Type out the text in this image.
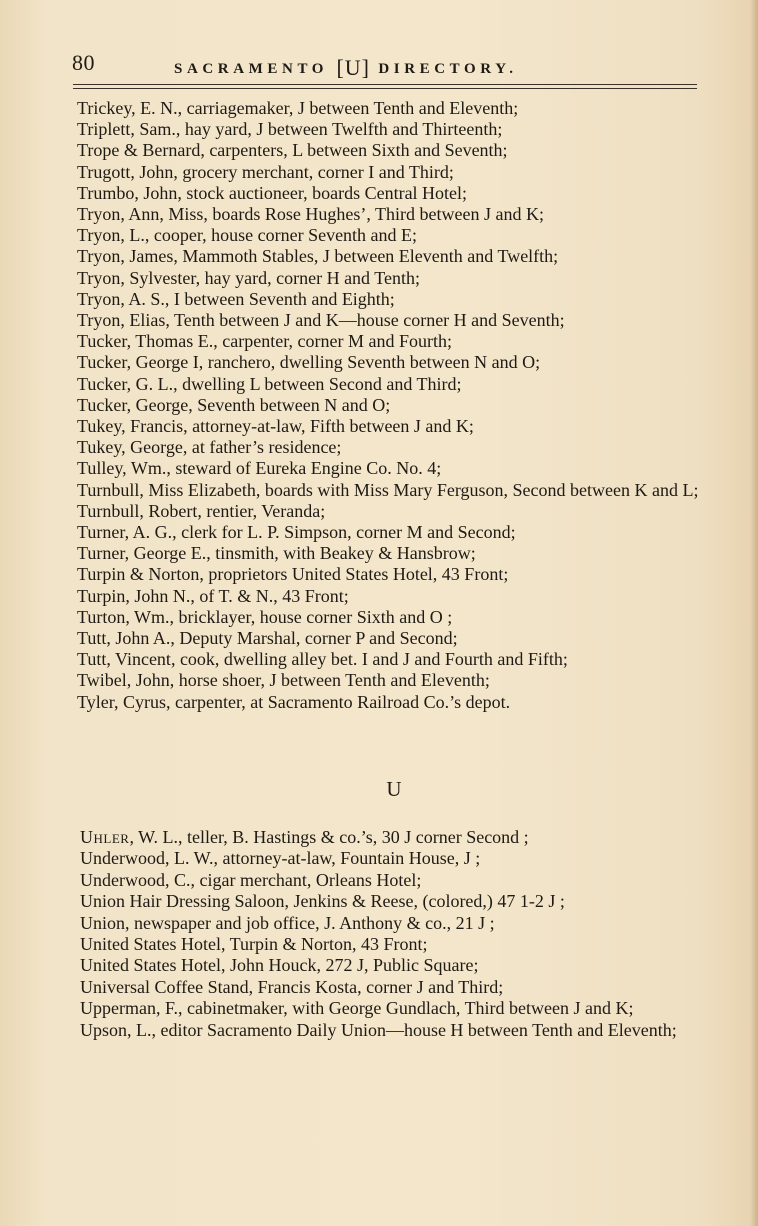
80	SACRAMENTO [U] DIRECTORY.
Trickey, E. N., carriagemaker, J between Tenth and Eleventh;
Triplett, Sam., hay yard, J between Twelfth and Thirteenth;
Trope & Bernard, carpenters, L between Sixth and Seventh;
Trugott, John, grocery merchant, corner I and Third;
Trumbo, John, stock auctioneer, boards Central Hotel;
Tryon, Ann, Miss, boards Rose Hughes’, Third between J and K;
Tryon, L., cooper, house corner Seventh and E;
Tryon, James, Mammoth Stables, J between Eleventh and Twelfth;
Tryon, Sylvester, hay yard, corner H and Tenth;
Tryon, A. S., I between Seventh and Eighth;
Tryon, Elias, Tenth between J and K—house corner H and Seventh;
Tucker, Thomas E., carpenter, corner M and Fourth;
Tucker, George I, ranchero, dwelling Seventh between N and O;
Tucker, G. L., dwelling L between Second and Third;
Tucker, George, Seventh between N and O;
Tukey, Francis, attorney-at-law, Fifth between J and K;
Tukey, George, at father’s residence;
Tulley, Wm., steward of Eureka Engine Co. No. 4;
Turnbull, Miss Elizabeth, boards with Miss Mary Ferguson, Second between K and L;
Turnbull, Robert, rentier, Veranda;
Turner, A. G., clerk for L. P. Simpson, corner M and Second;
Turner, George E., tinsmith, with Beakey & Hansbrow;
Turpin & Norton, proprietors United States Hotel, 43 Front;
Turpin, John N., of T. & N., 43 Front;
Turton, Wm., bricklayer, house corner Sixth and O ;
Tutt, John A., Deputy Marshal, corner P and Second;
Tutt, Vincent, cook, dwelling alley bet. I and J and Fourth and Fifth;
Twibel, John, horse shoer, J between Tenth and Eleventh;
Tyler, Cyrus, carpenter, at Sacramento Railroad Co.’s depot.
U
Uhler, W. L., teller, B. Hastings & co.’s, 30 J corner Second ;
Underwood, L. W., attorney-at-law, Fountain House, J ;
Underwood, C., cigar merchant, Orleans Hotel;
Union Hair Dressing Saloon, Jenkins & Reese, (colored,) 47 1-2 J ;
Union, newspaper and job office, J. Anthony & co., 21 J ;
United States Hotel, Turpin & Norton, 43 Front;
United States Hotel, John Houck, 272 J, Public Square;
Universal Coffee Stand, Francis Kosta, corner J and Third;
Upperman, F., cabinetmaker, with George Gundlach, Third between J and K;
Upson, L., editor Sacramento Daily Union—house H between Tenth and Eleventh;
